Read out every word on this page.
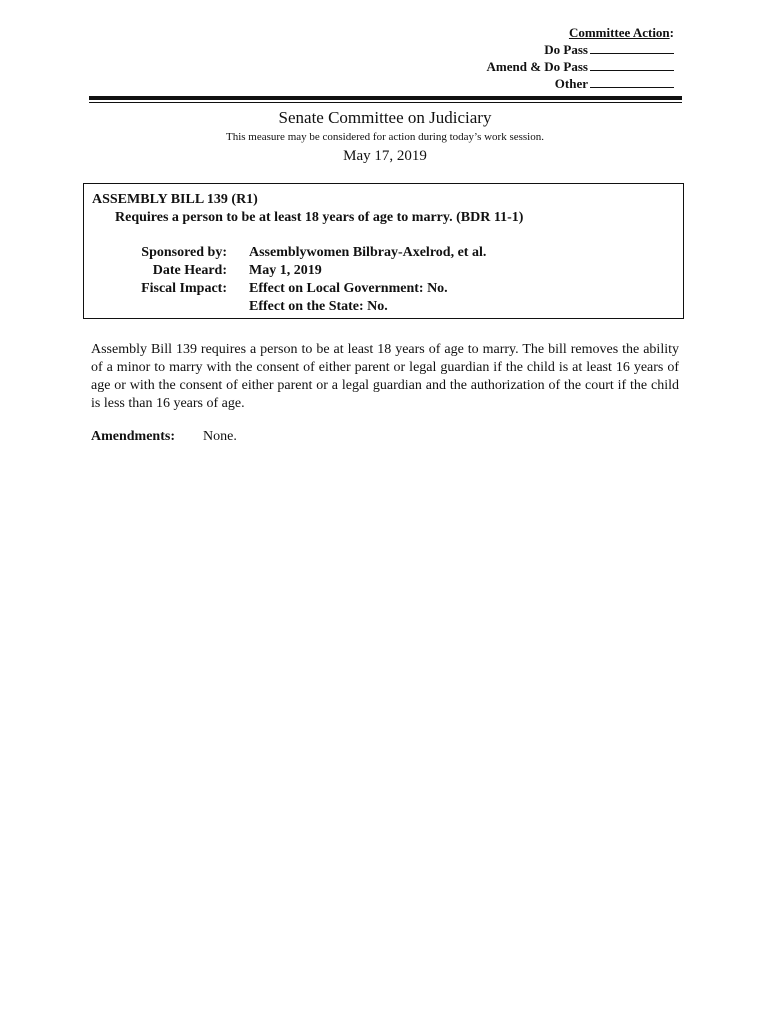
Committee Action:
Do Pass
Amend & Do Pass
Other
Senate Committee on Judiciary
This measure may be considered for action during today’s work session.
May 17, 2019
ASSEMBLY BILL 139 (R1)
Requires a person to be at least 18 years of age to marry. (BDR 11-1)
Sponsored by:
Date Heard:
Fiscal Impact:
Assemblywomen Bilbray-Axelrod, et al.
May 1, 2019
Effect on Local Government: No.
Effect on the State: No.
Assembly Bill 139 requires a person to be at least 18 years of age to marry. The bill removes the ability of a minor to marry with the consent of either parent or legal guardian if the child is at least 16 years of age or with the consent of either parent or a legal guardian and the authorization of the court if the child is less than 16 years of age.
Amendments: None.
